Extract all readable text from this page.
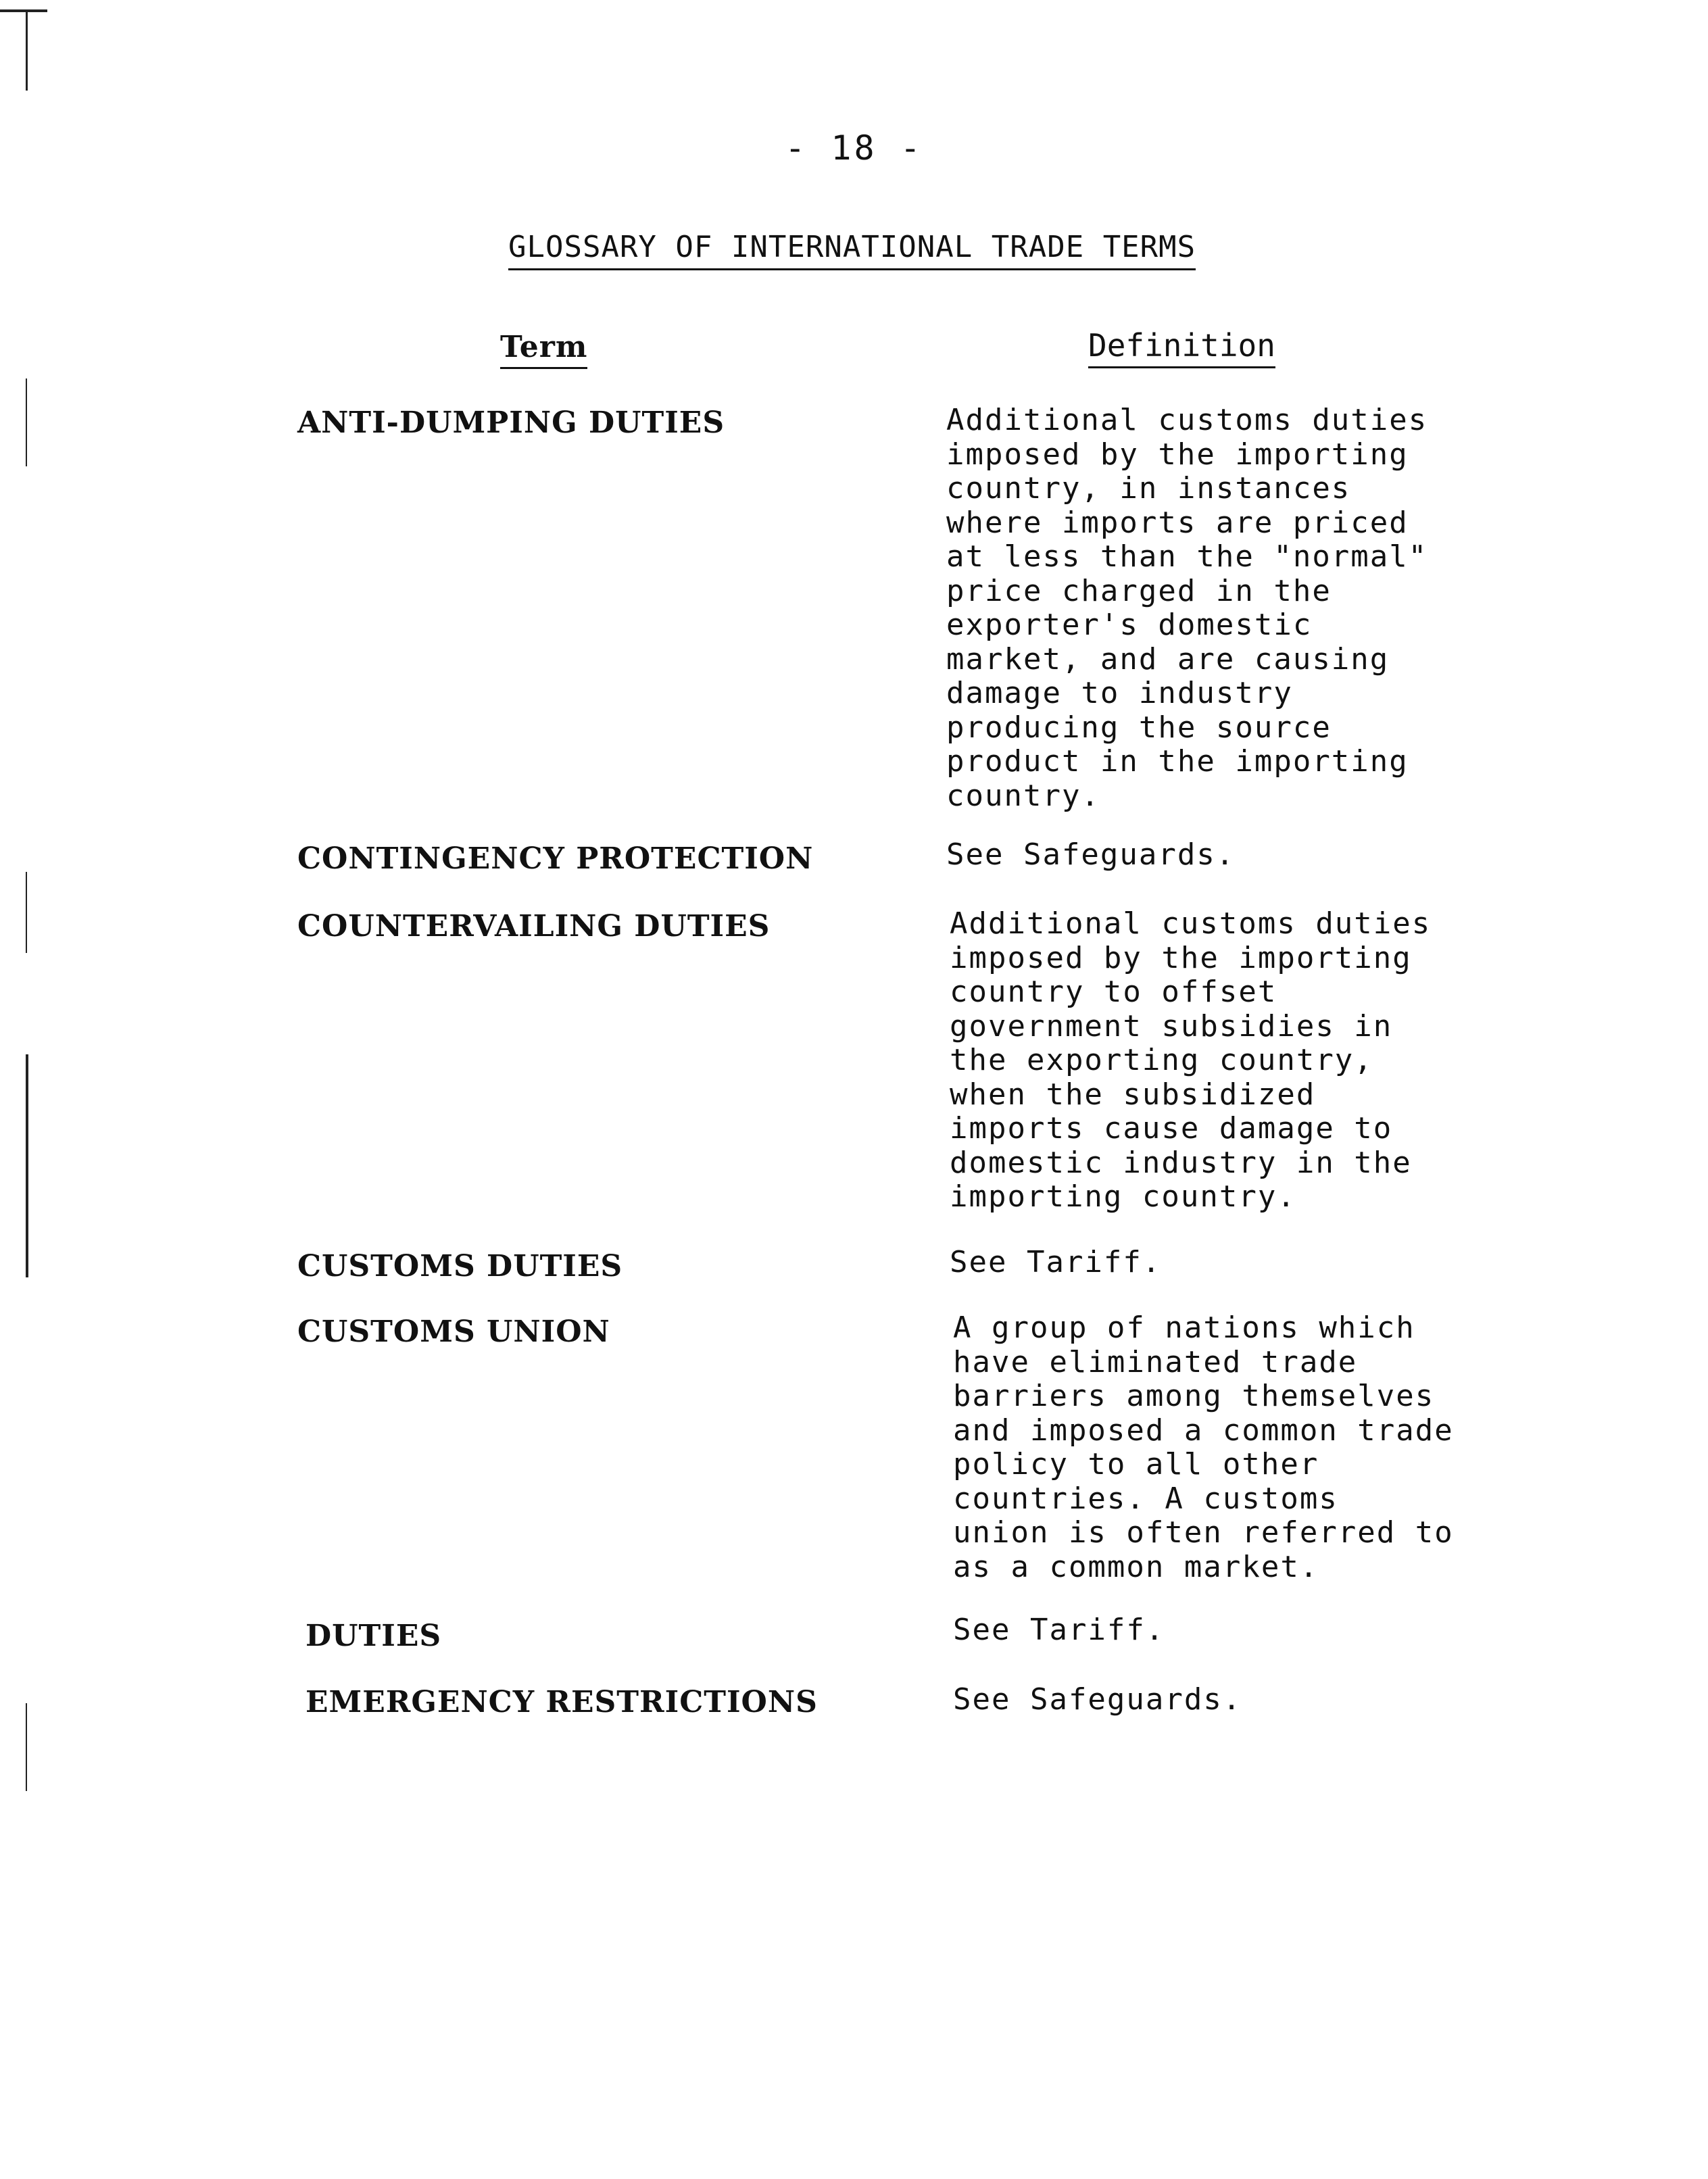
- 18 -
GLOSSARY OF INTERNATIONAL TRADE TERMS
Term	Definition
ANTI-DUMPING DUTIES	Additional customs duties
imposed by the importing
country, in instances
where imports are priced
at less than the "normal"
price charged in the
exporter's domestic
market, and are causing
damage to industry
producing the source
product in the importing
country.
CONTINGENCY PROTECTION	See Safeguards.
COUNTERVAILING DUTIES	Additional customs duties
imposed by the importing
country to offset
government subsidies in
the exporting country,
when the subsidized
imports cause damage to
domestic industry in the
importing country.
CUSTOMS DUTIES	See Tariff.
CUSTOMS UNION	A group of nations which
have eliminated trade
barriers among themselves
and imposed a common trade
policy to all other
countries. A customs
union is often referred to
as a common market.
DUTIES	See Tariff.
EMERGENCY RESTRICTIONS	See Safeguards.
